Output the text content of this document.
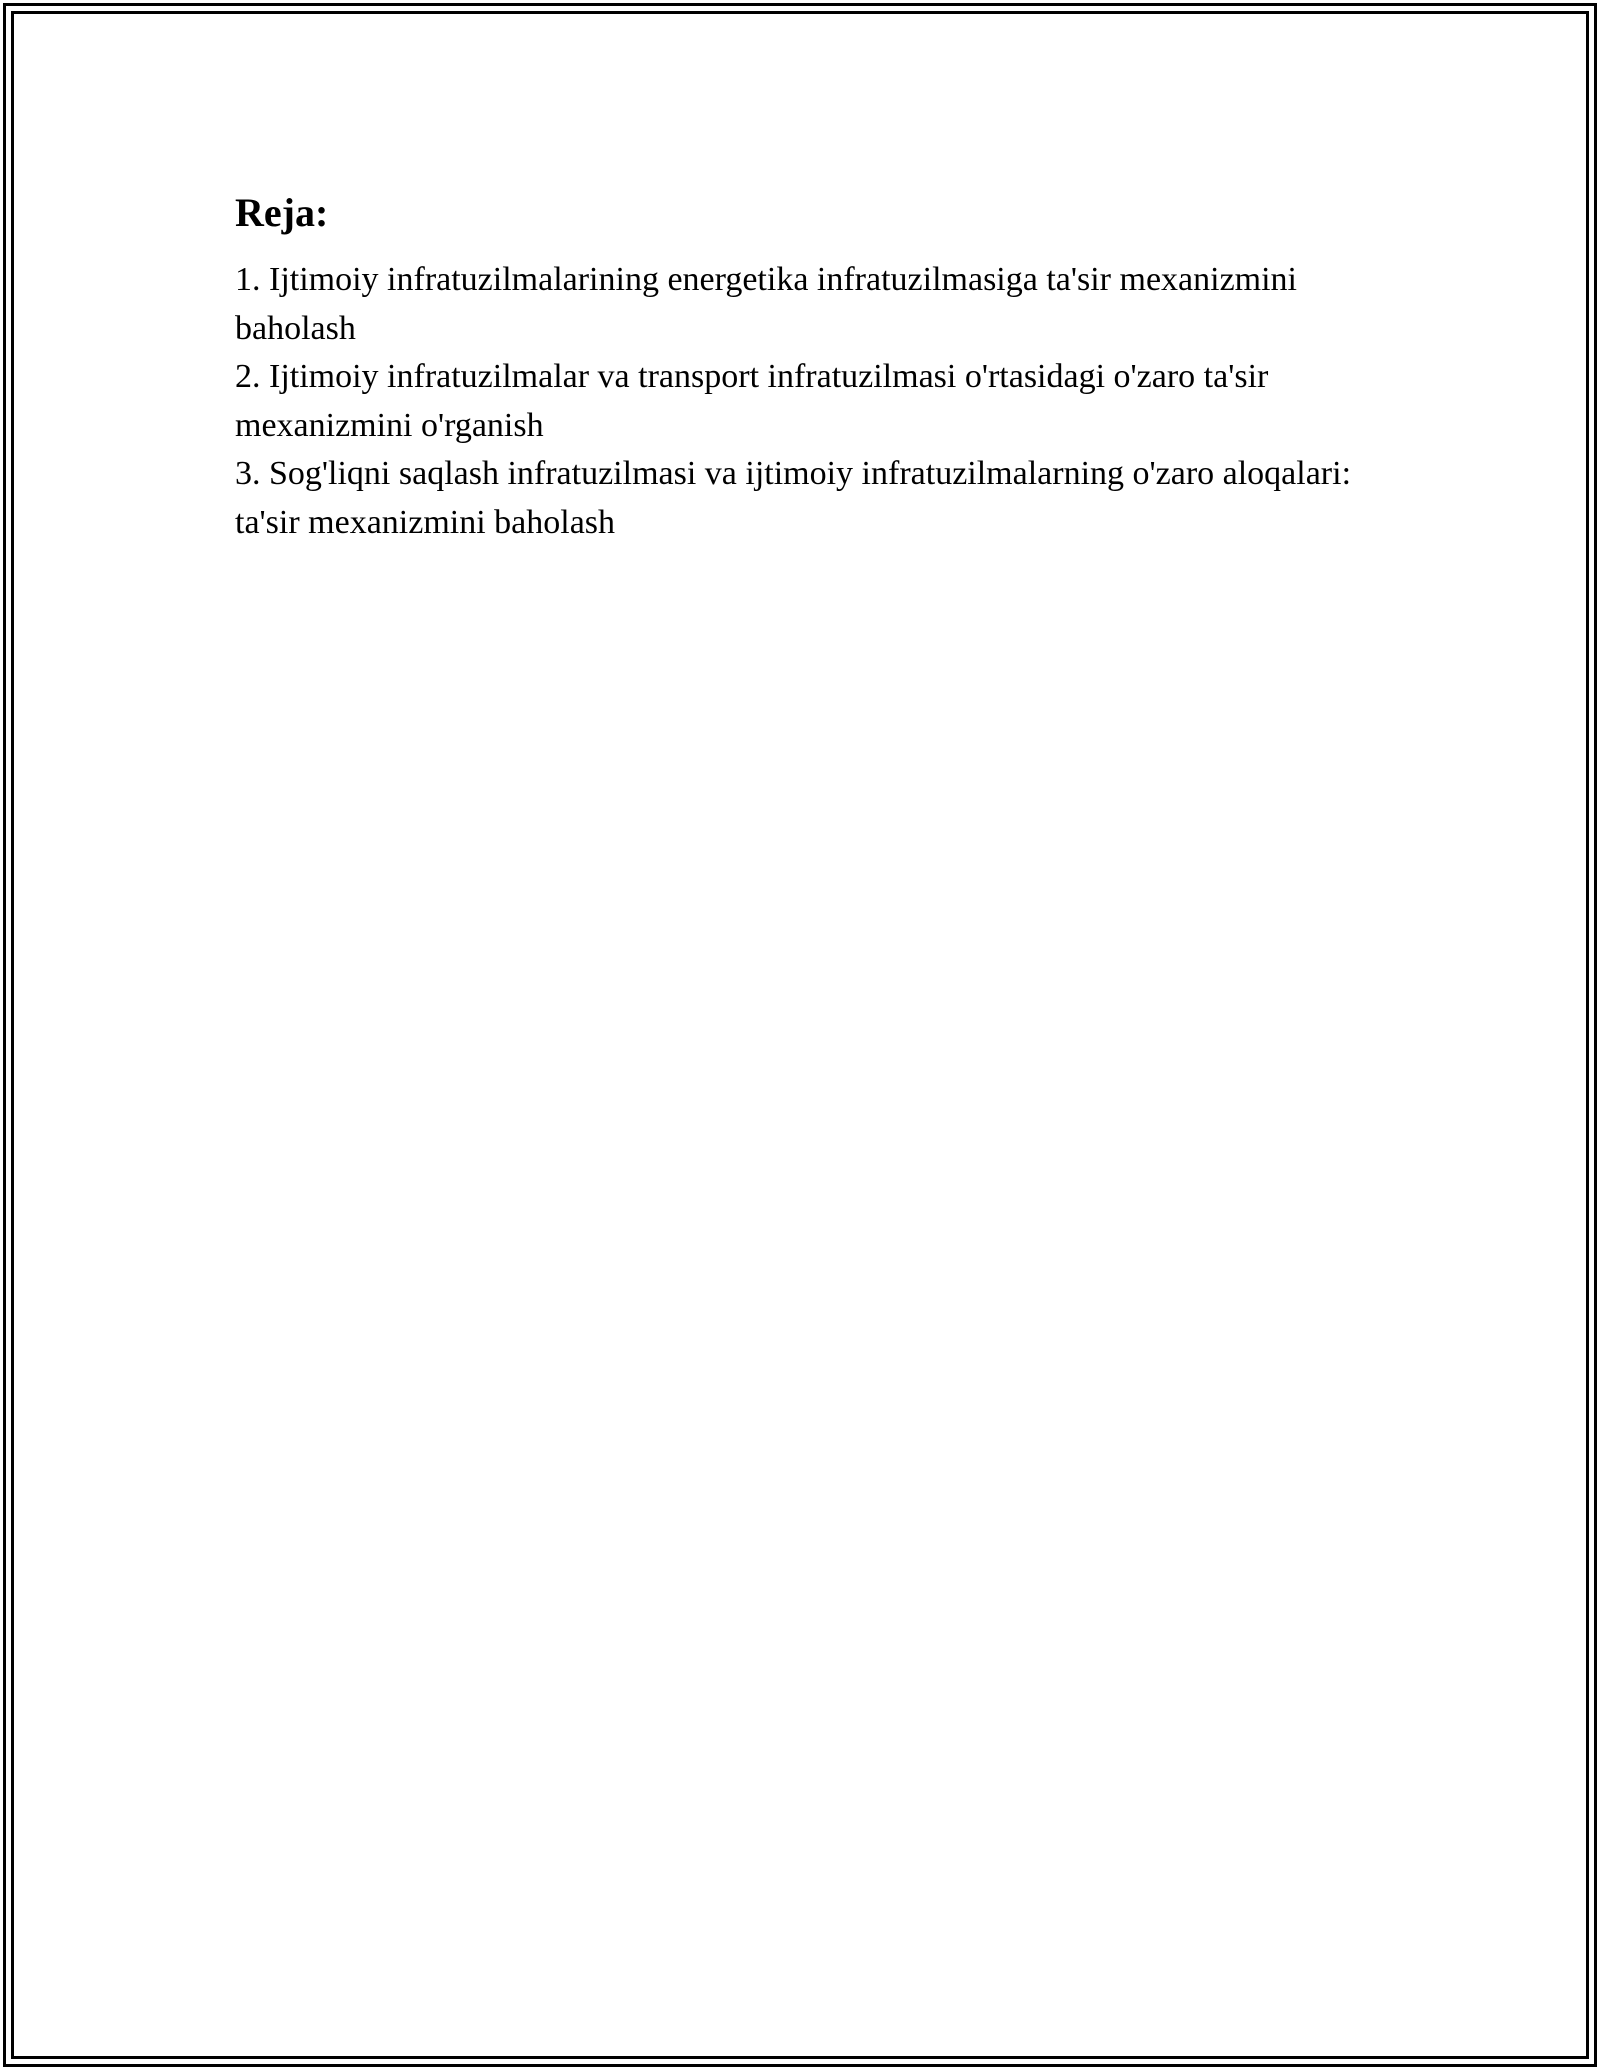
Reja:
1. Ijtimoiy infratuzilmalarining energetika infratuzilmasiga ta'sir mexanizmini baholash
2. Ijtimoiy infratuzilmalar va transport infratuzilmasi o'rtasidagi o'zaro ta'sir mexanizmini o'rganish
3. Sog'liqni saqlash infratuzilmasi va ijtimoiy infratuzilmalarning o'zaro aloqalari: ta'sir mexanizmini baholash
